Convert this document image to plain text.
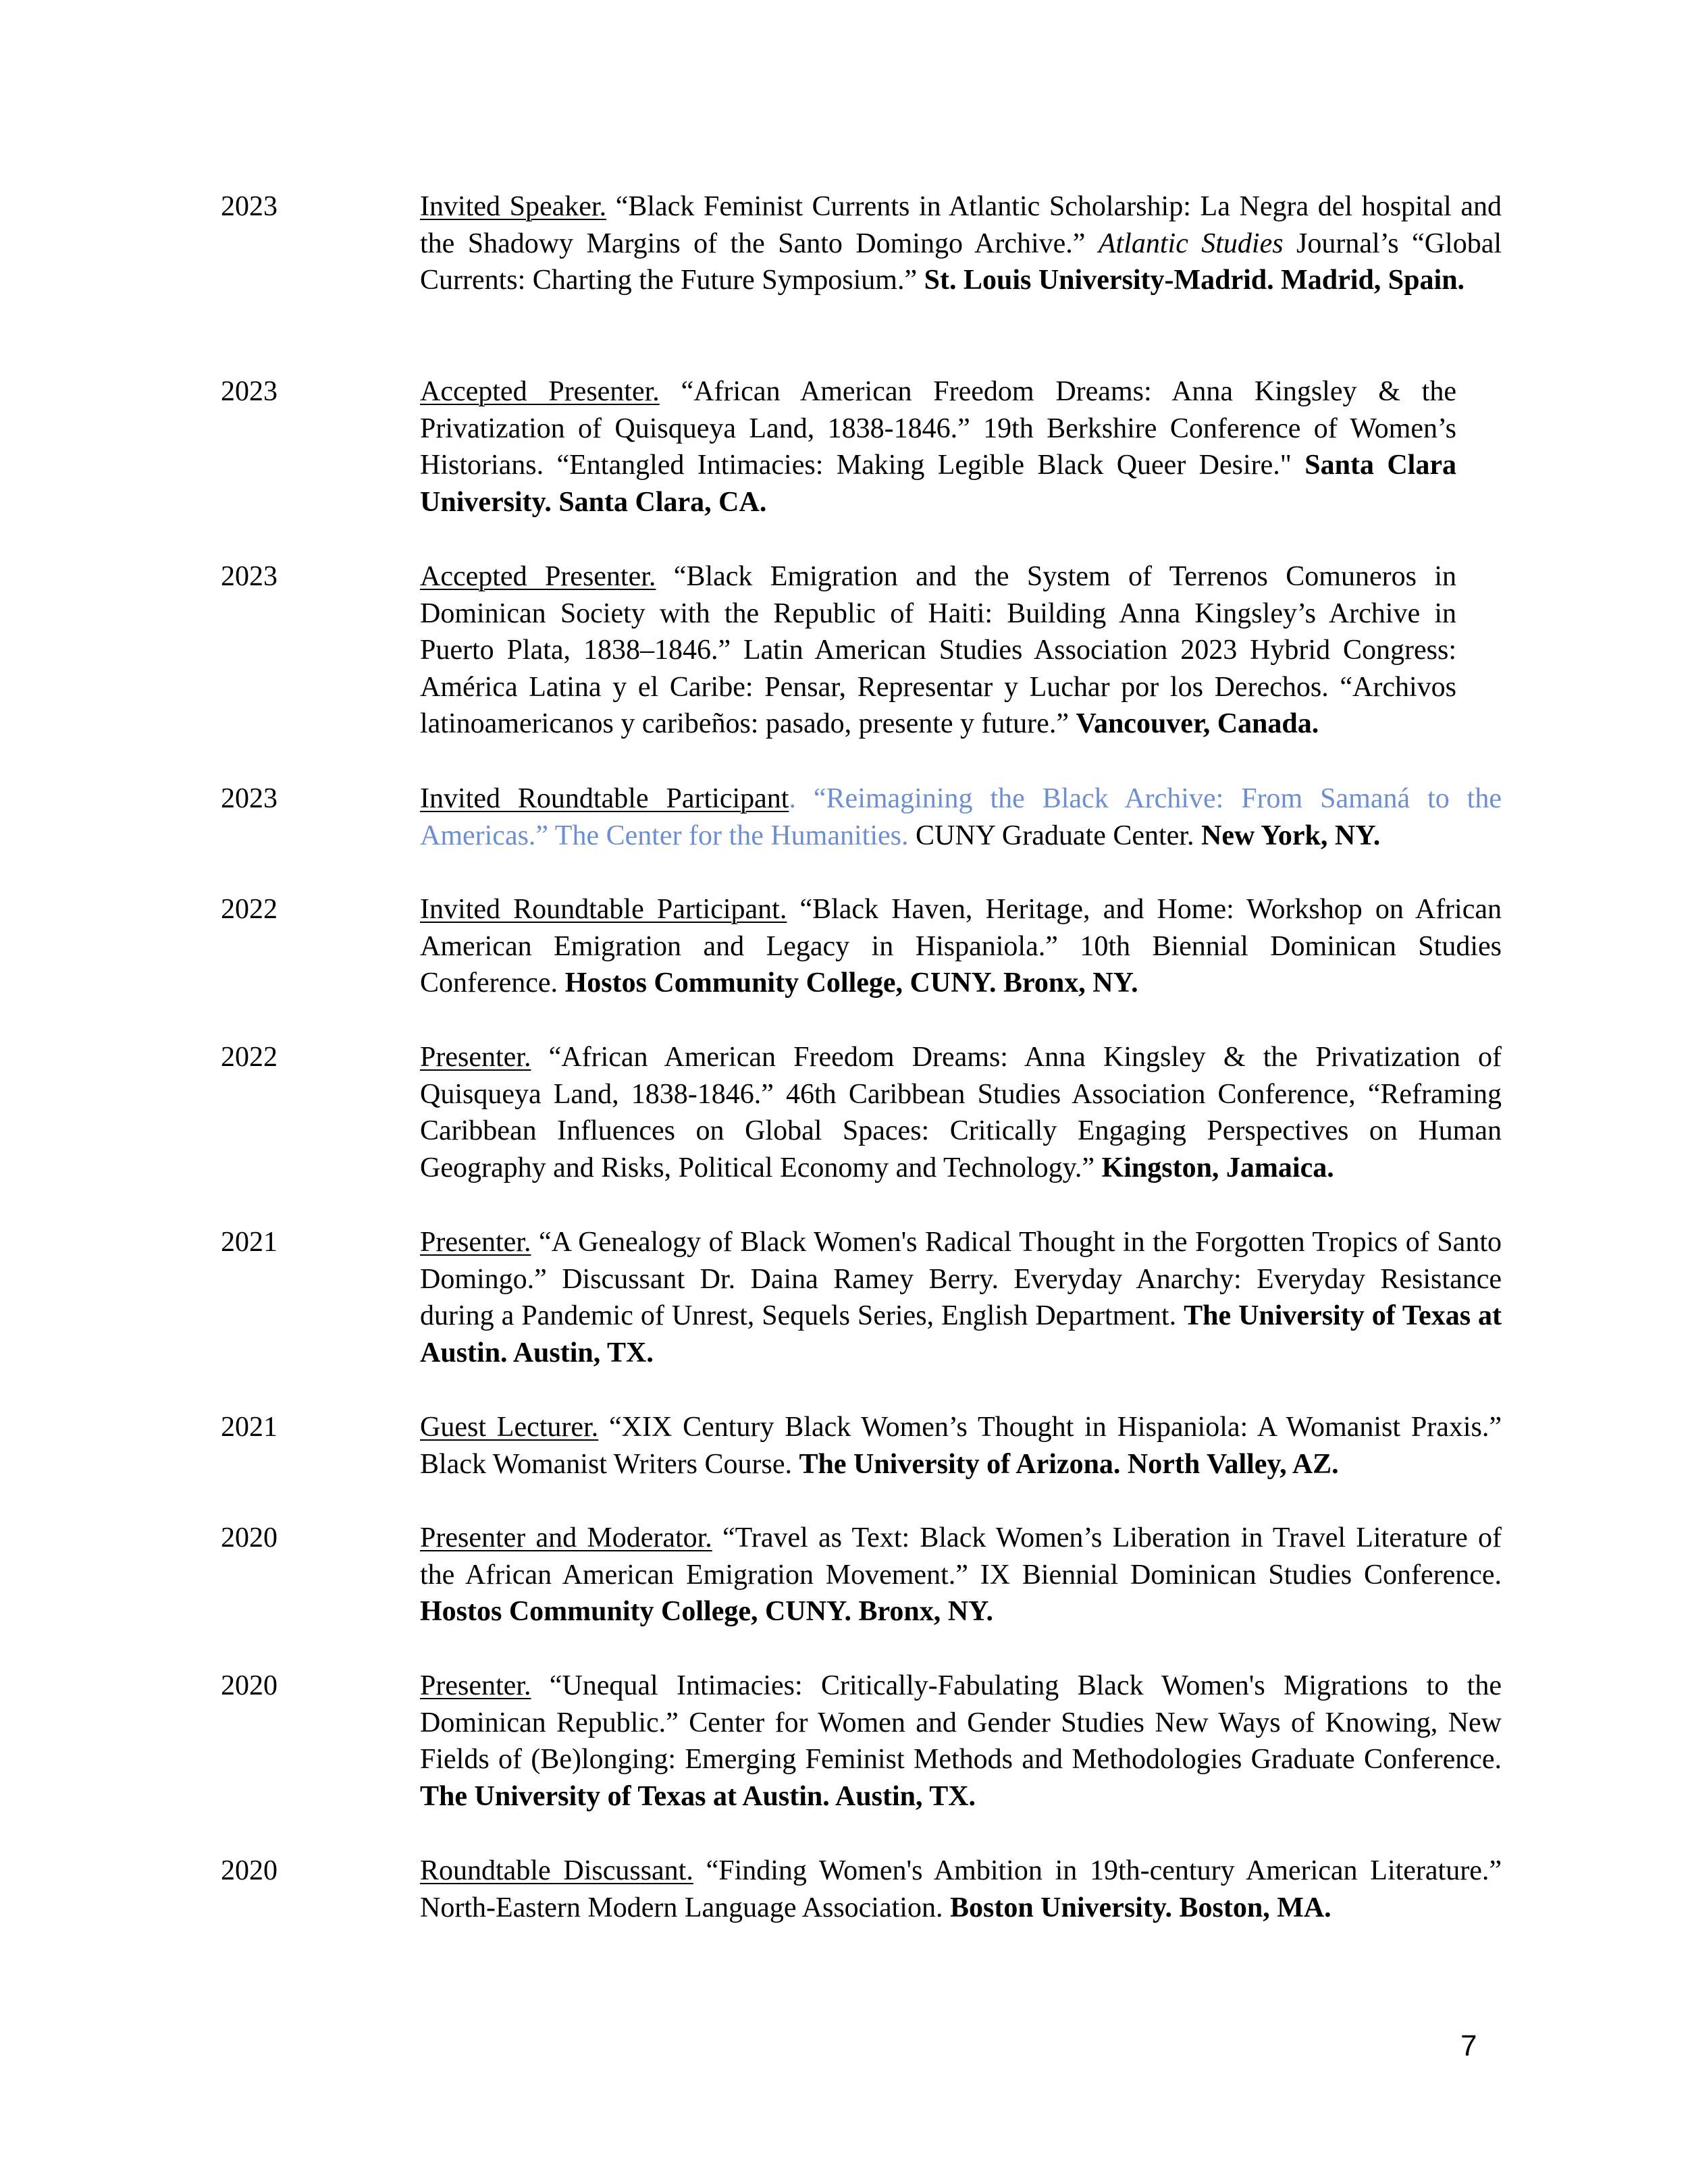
2023	Invited Speaker. “Black Feminist Currents in Atlantic Scholarship: La Negra del hospital and the Shadowy Margins of the Santo Domingo Archive.” Atlantic Studies Journal’s “Global Currents: Charting the Future Symposium.” St. Louis University-Madrid. Madrid, Spain.
2023	Accepted Presenter. “African American Freedom Dreams: Anna Kingsley & the Privatization of Quisqueya Land, 1838-1846.” 19th Berkshire Conference of Women’s Historians. “Entangled Intimacies: Making Legible Black Queer Desire." Santa Clara University. Santa Clara, CA.
2023	Accepted Presenter. “Black Emigration and the System of Terrenos Comuneros in Dominican Society with the Republic of Haiti: Building Anna Kingsley’s Archive in Puerto Plata, 1838–1846.” Latin American Studies Association 2023 Hybrid Congress: América Latina y el Caribe: Pensar, Representar y Luchar por los Derechos. “Archivos latinoamericanos y caribeños: pasado, presente y future.” Vancouver, Canada.
2023	Invited Roundtable Participant. “Reimagining the Black Archive: From Samaná to the Americas.” The Center for the Humanities. CUNY Graduate Center. New York, NY.
2022	Invited Roundtable Participant. “Black Haven, Heritage, and Home: Workshop on African American Emigration and Legacy in Hispaniola.” 10th Biennial Dominican Studies Conference. Hostos Community College, CUNY. Bronx, NY.
2022	Presenter. “African American Freedom Dreams: Anna Kingsley & the Privatization of Quisqueya Land, 1838-1846.” 46th Caribbean Studies Association Conference, “Reframing Caribbean Influences on Global Spaces: Critically Engaging Perspectives on Human Geography and Risks, Political Economy and Technology.” Kingston, Jamaica.
2021	Presenter. “A Genealogy of Black Women's Radical Thought in the Forgotten Tropics of Santo Domingo.” Discussant Dr. Daina Ramey Berry. Everyday Anarchy: Everyday Resistance during a Pandemic of Unrest, Sequels Series, English Department. The University of Texas at Austin. Austin, TX.
2021	Guest Lecturer. “XIX Century Black Women’s Thought in Hispaniola: A Womanist Praxis.” Black Womanist Writers Course. The University of Arizona. North Valley, AZ.
2020	Presenter and Moderator. “Travel as Text: Black Women’s Liberation in Travel Literature of the African American Emigration Movement.” IX Biennial Dominican Studies Conference. Hostos Community College, CUNY. Bronx, NY.
2020	Presenter. “Unequal Intimacies: Critically-Fabulating Black Women's Migrations to the Dominican Republic.” Center for Women and Gender Studies New Ways of Knowing, New Fields of (Be)longing: Emerging Feminist Methods and Methodologies Graduate Conference. The University of Texas at Austin. Austin, TX.
2020	Roundtable Discussant. “Finding Women's Ambition in 19th-century American Literature.” North-Eastern Modern Language Association. Boston University. Boston, MA.
7
